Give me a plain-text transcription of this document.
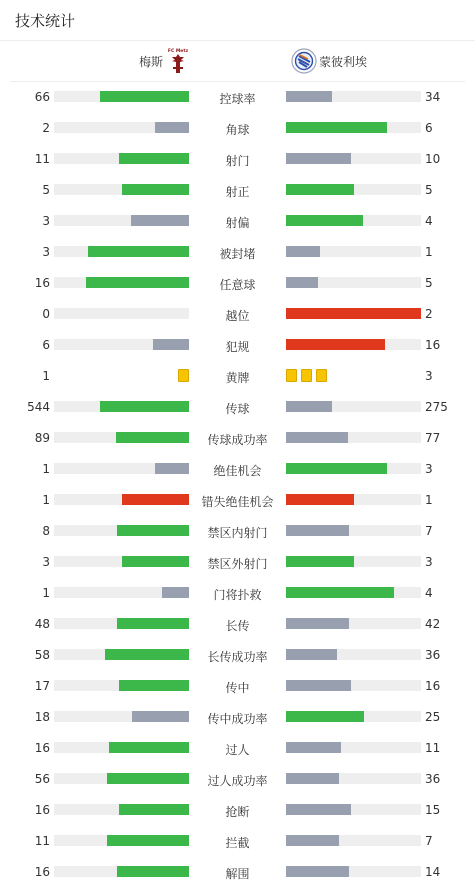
技术统计
梅斯
FC Metz
蒙彼利埃
66	控球率	34
2	角球	6
11	射门	10
5	射正	5
3	射偏	4
3	被封堵	1
16	任意球	5
0	越位	2
6	犯规	16
1	黄牌	3
544	传球	275
89	传球成功率	77
1	绝佳机会	3
1	错失绝佳机会	1
8	禁区内射门	7
3	禁区外射门	3
1	门将扑救	4
48	长传	42
58	长传成功率	36
17	传中	16
18	传中成功率	25
16	过人	11
56	过人成功率	36
16	抢断	15
11	拦截	7
16	解围	14
